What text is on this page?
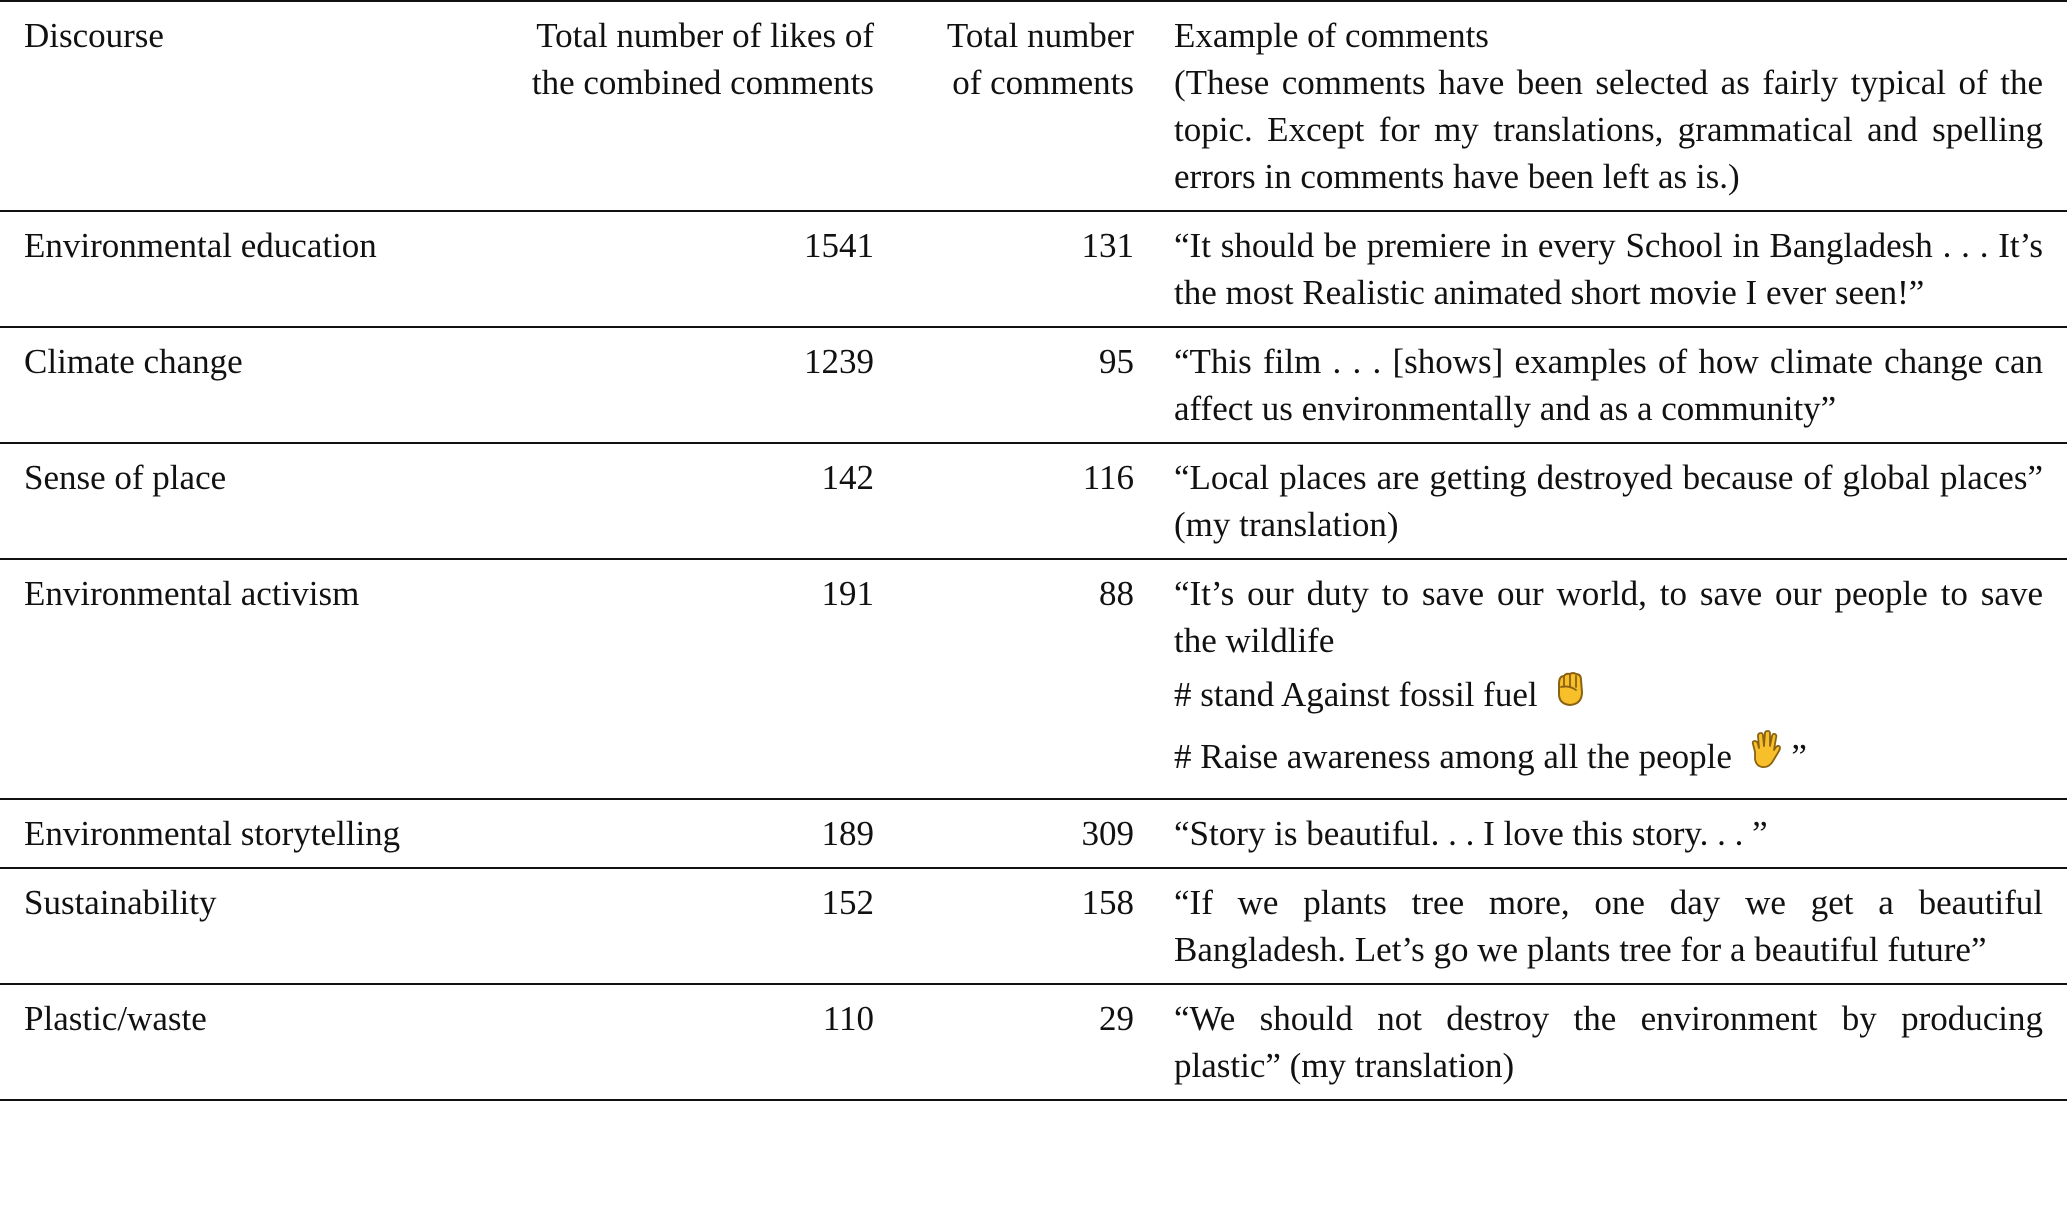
Discourse	Total number of likes of the combined comments	Total number of comments	Example of comments
(These comments have been selected as fairly typical of the topic. Except for my translations, grammatical and spelling errors in comments have been left as is.)

Environmental education	1541	131	“It should be premiere in every School in Bangladesh . . . It’s the most Realistic animated short movie I ever seen!”
Climate change	1239	95	“This film . . . [shows] examples of how climate change can affect us environmentally and as a community”
Sense of place	142	116	“Local places are getting destroyed because of global places” (my translation)
Environmental activism	191	88	“It’s our duty to save our world, to save our people to save the wildlife
# stand Against fossil fuel
# Raise awareness among all the people ”

Environmental storytelling	189	309	“Story is beautiful. . . I love this story. . . ”
Sustainability	152	158	“If we plants tree more, one day we get a beautiful Bangladesh. Let’s go we plants tree for a beautiful future”
Plastic/waste	110	29	“We should not destroy the environment by producing plastic” (my translation)
